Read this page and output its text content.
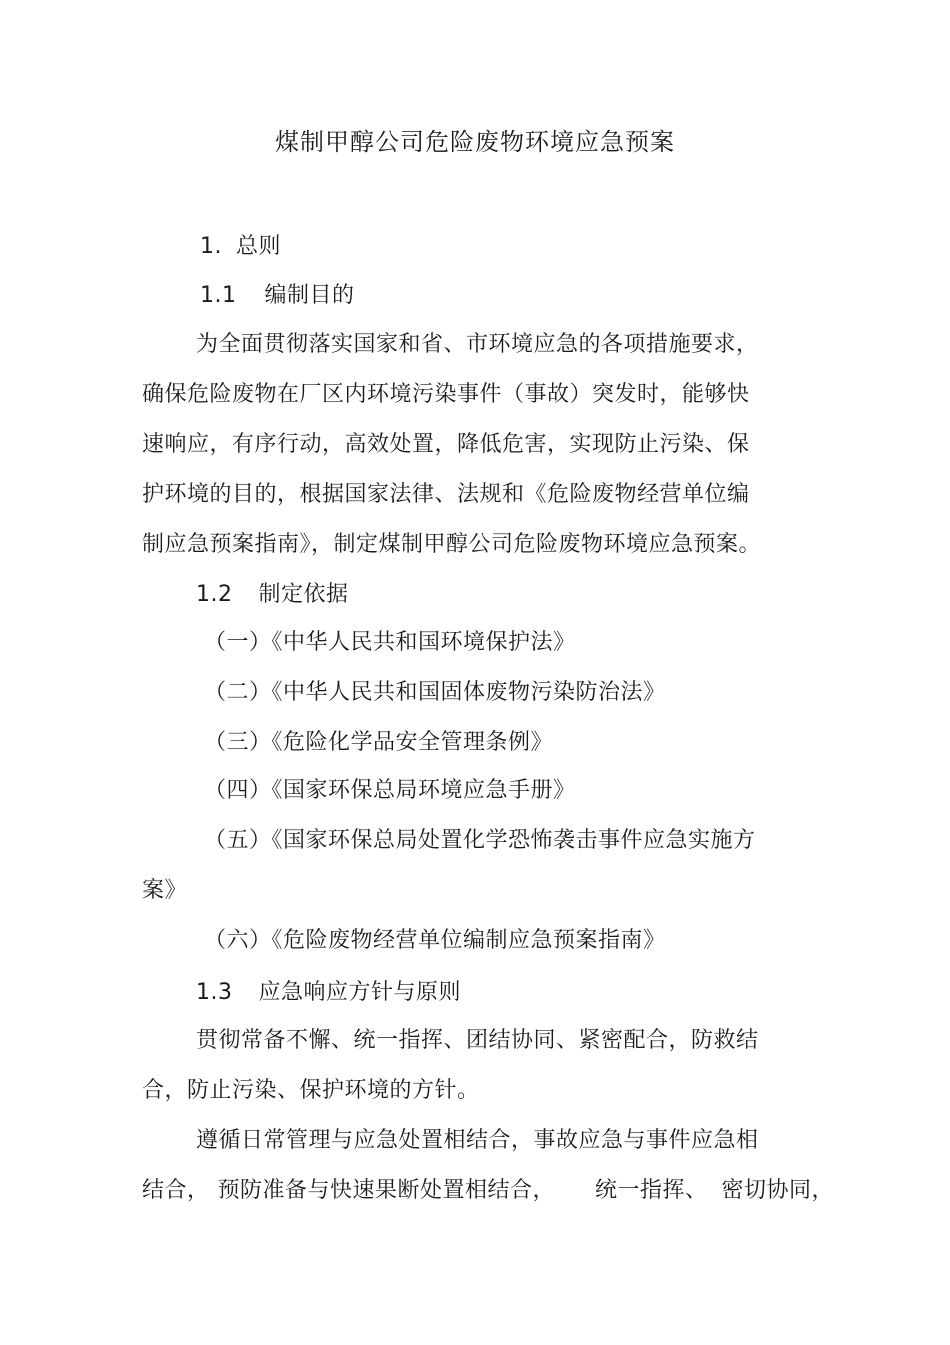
煤制甲醇公司危险废物环境应急预案
1. 总则
1.1 编制目的
为全面贯彻落实国家和省、市环境应急的各项措施要求，
确保危险废物在厂区内环境污染事件（事故）突发时，能够快
速响应，有序行动，高效处置，降低危害，实现防止污染、保
护环境的目的，根据国家法律、法规和《危险废物经营单位编
制应急预案指南》，制定煤制甲醇公司危险废物环境应急预案。
1.2 制定依据
（一）《中华人民共和国环境保护法》
（二）《中华人民共和国固体废物污染防治法》
（三）《危险化学品安全管理条例》
（四）《国家环保总局环境应急手册》
（五）《国家环保总局处置化学恐怖袭击事件应急实施方
案》
（六）《危险废物经营单位编制应急预案指南》
1.3 应急响应方针与原则
贯彻常备不懈、统一指挥、团结协同、紧密配合，防救结
合，防止污染、保护环境的方针。
遵循日常管理与应急处置相结合，事故应急与事件应急相
结合， 预防准备与快速果断处置相结合， 统一指挥、 密切协同，
